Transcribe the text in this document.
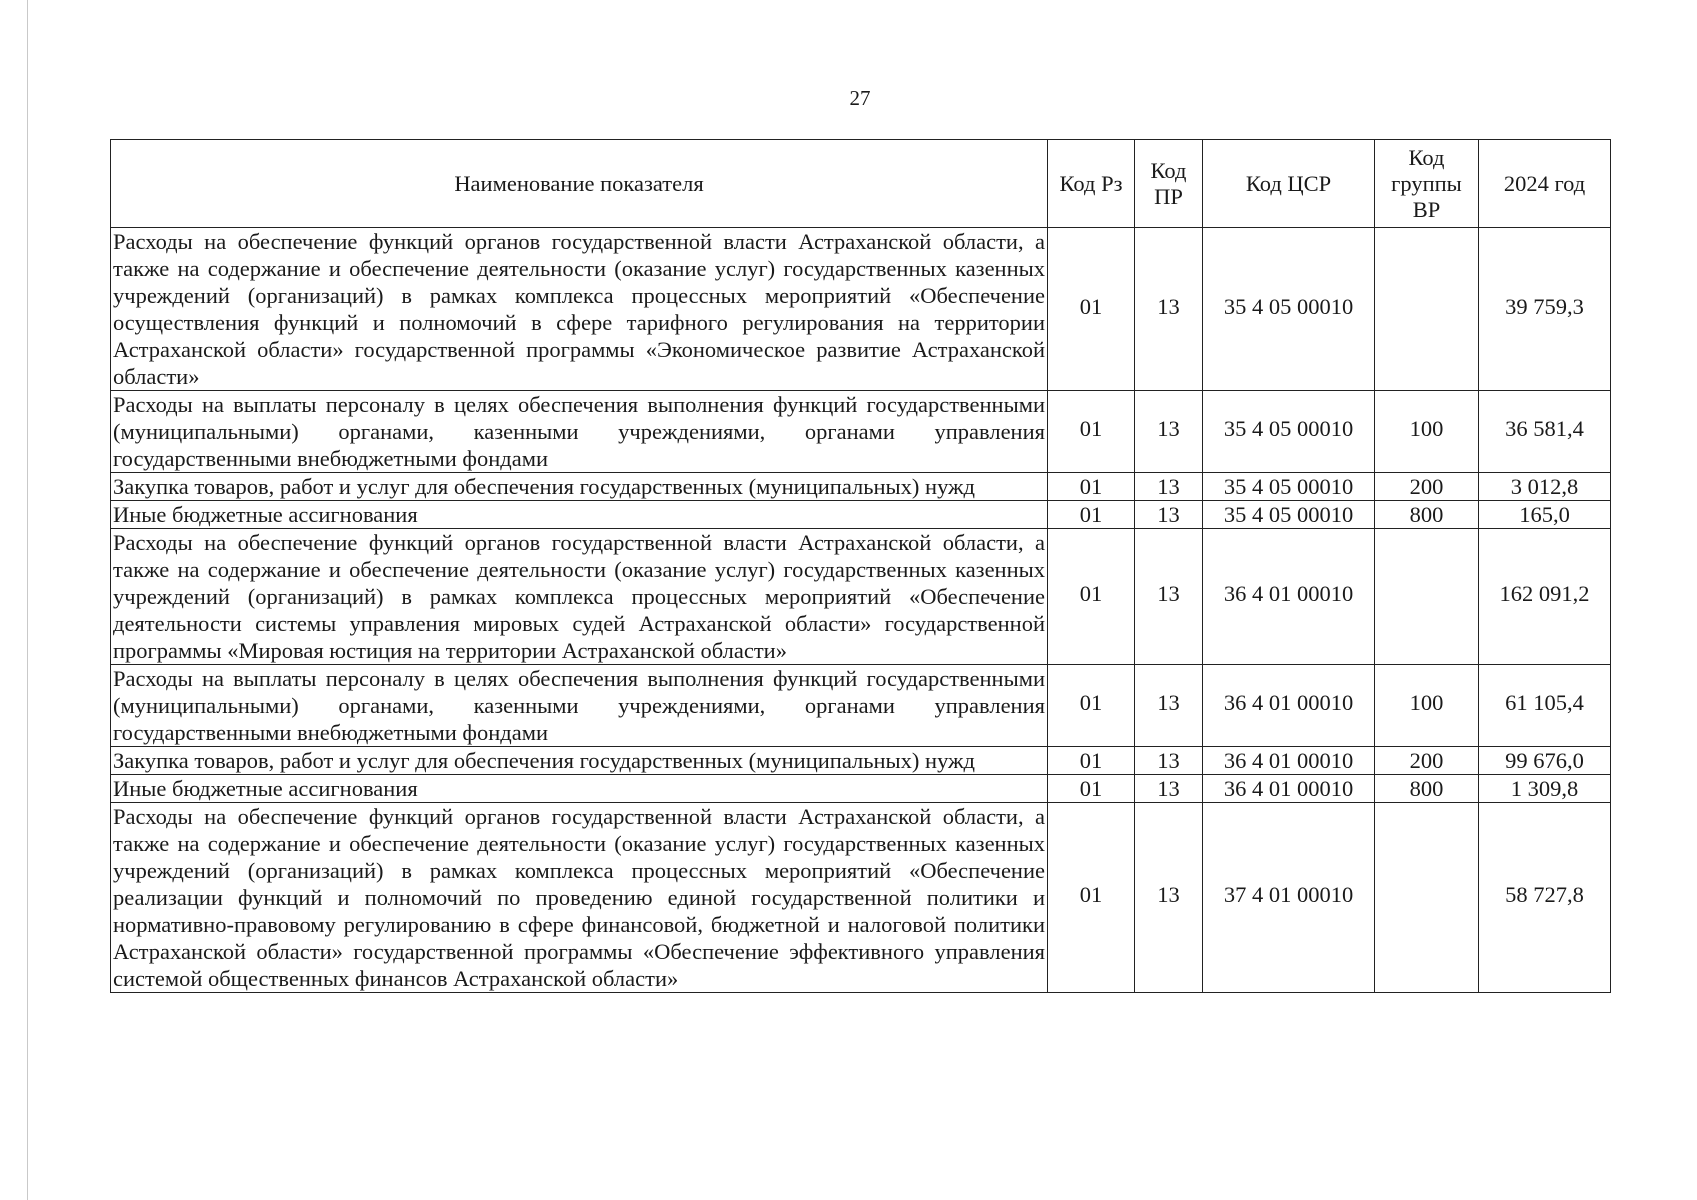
27
Наименование показателя	Код Рз	Код ПР	Код ЦСР	Код группы ВР	2024 год
Расходы на обеспечение функций органов государственной власти Астраханской области, а также на содержание и обеспечение деятельности (оказание услуг) государственных казенных учреждений (организаций) в рамках комплекса процессных мероприятий «Обеспечение осуществления функций и полномочий в сфере тарифного регулирования на территории Астраханской области» государственной программы «Экономическое развитие Астраханской области»	01	13	35 4 05 00010		39 759,3
Расходы на выплаты персоналу в целях обеспечения выполнения функций государственными (муниципальными) органами, казенными учреждениями, органами управления государственными внебюджетными фондами	01	13	35 4 05 00010	100	36 581,4
Закупка товаров, работ и услуг для обеспечения государственных (муниципальных) нужд	01	13	35 4 05 00010	200	3 012,8
Иные бюджетные ассигнования	01	13	35 4 05 00010	800	165,0
Расходы на обеспечение функций органов государственной власти Астраханской области, а также на содержание и обеспечение деятельности (оказание услуг) государственных казенных учреждений (организаций) в рамках комплекса процессных мероприятий «Обеспечение деятельности системы управления мировых судей Астраханской области» государственной программы «Мировая юстиция на территории Астраханской области»	01	13	36 4 01 00010		162 091,2
Расходы на выплаты персоналу в целях обеспечения выполнения функций государственными (муниципальными) органами, казенными учреждениями, органами управления государственными внебюджетными фондами	01	13	36 4 01 00010	100	61 105,4
Закупка товаров, работ и услуг для обеспечения государственных (муниципальных) нужд	01	13	36 4 01 00010	200	99 676,0
Иные бюджетные ассигнования	01	13	36 4 01 00010	800	1 309,8
Расходы на обеспечение функций органов государственной власти Астраханской области, а также на содержание и обеспечение деятельности (оказание услуг) государственных казенных учреждений (организаций) в рамках комплекса процессных мероприятий «Обеспечение реализации функций и полномочий по проведению единой государственной политики и нормативно-правовому регулированию в сфере финансовой, бюджетной и налоговой политики Астраханской области» государственной программы «Обеспечение эффективного управления системой общественных финансов Астраханской области»	01	13	37 4 01 00010		58 727,8
